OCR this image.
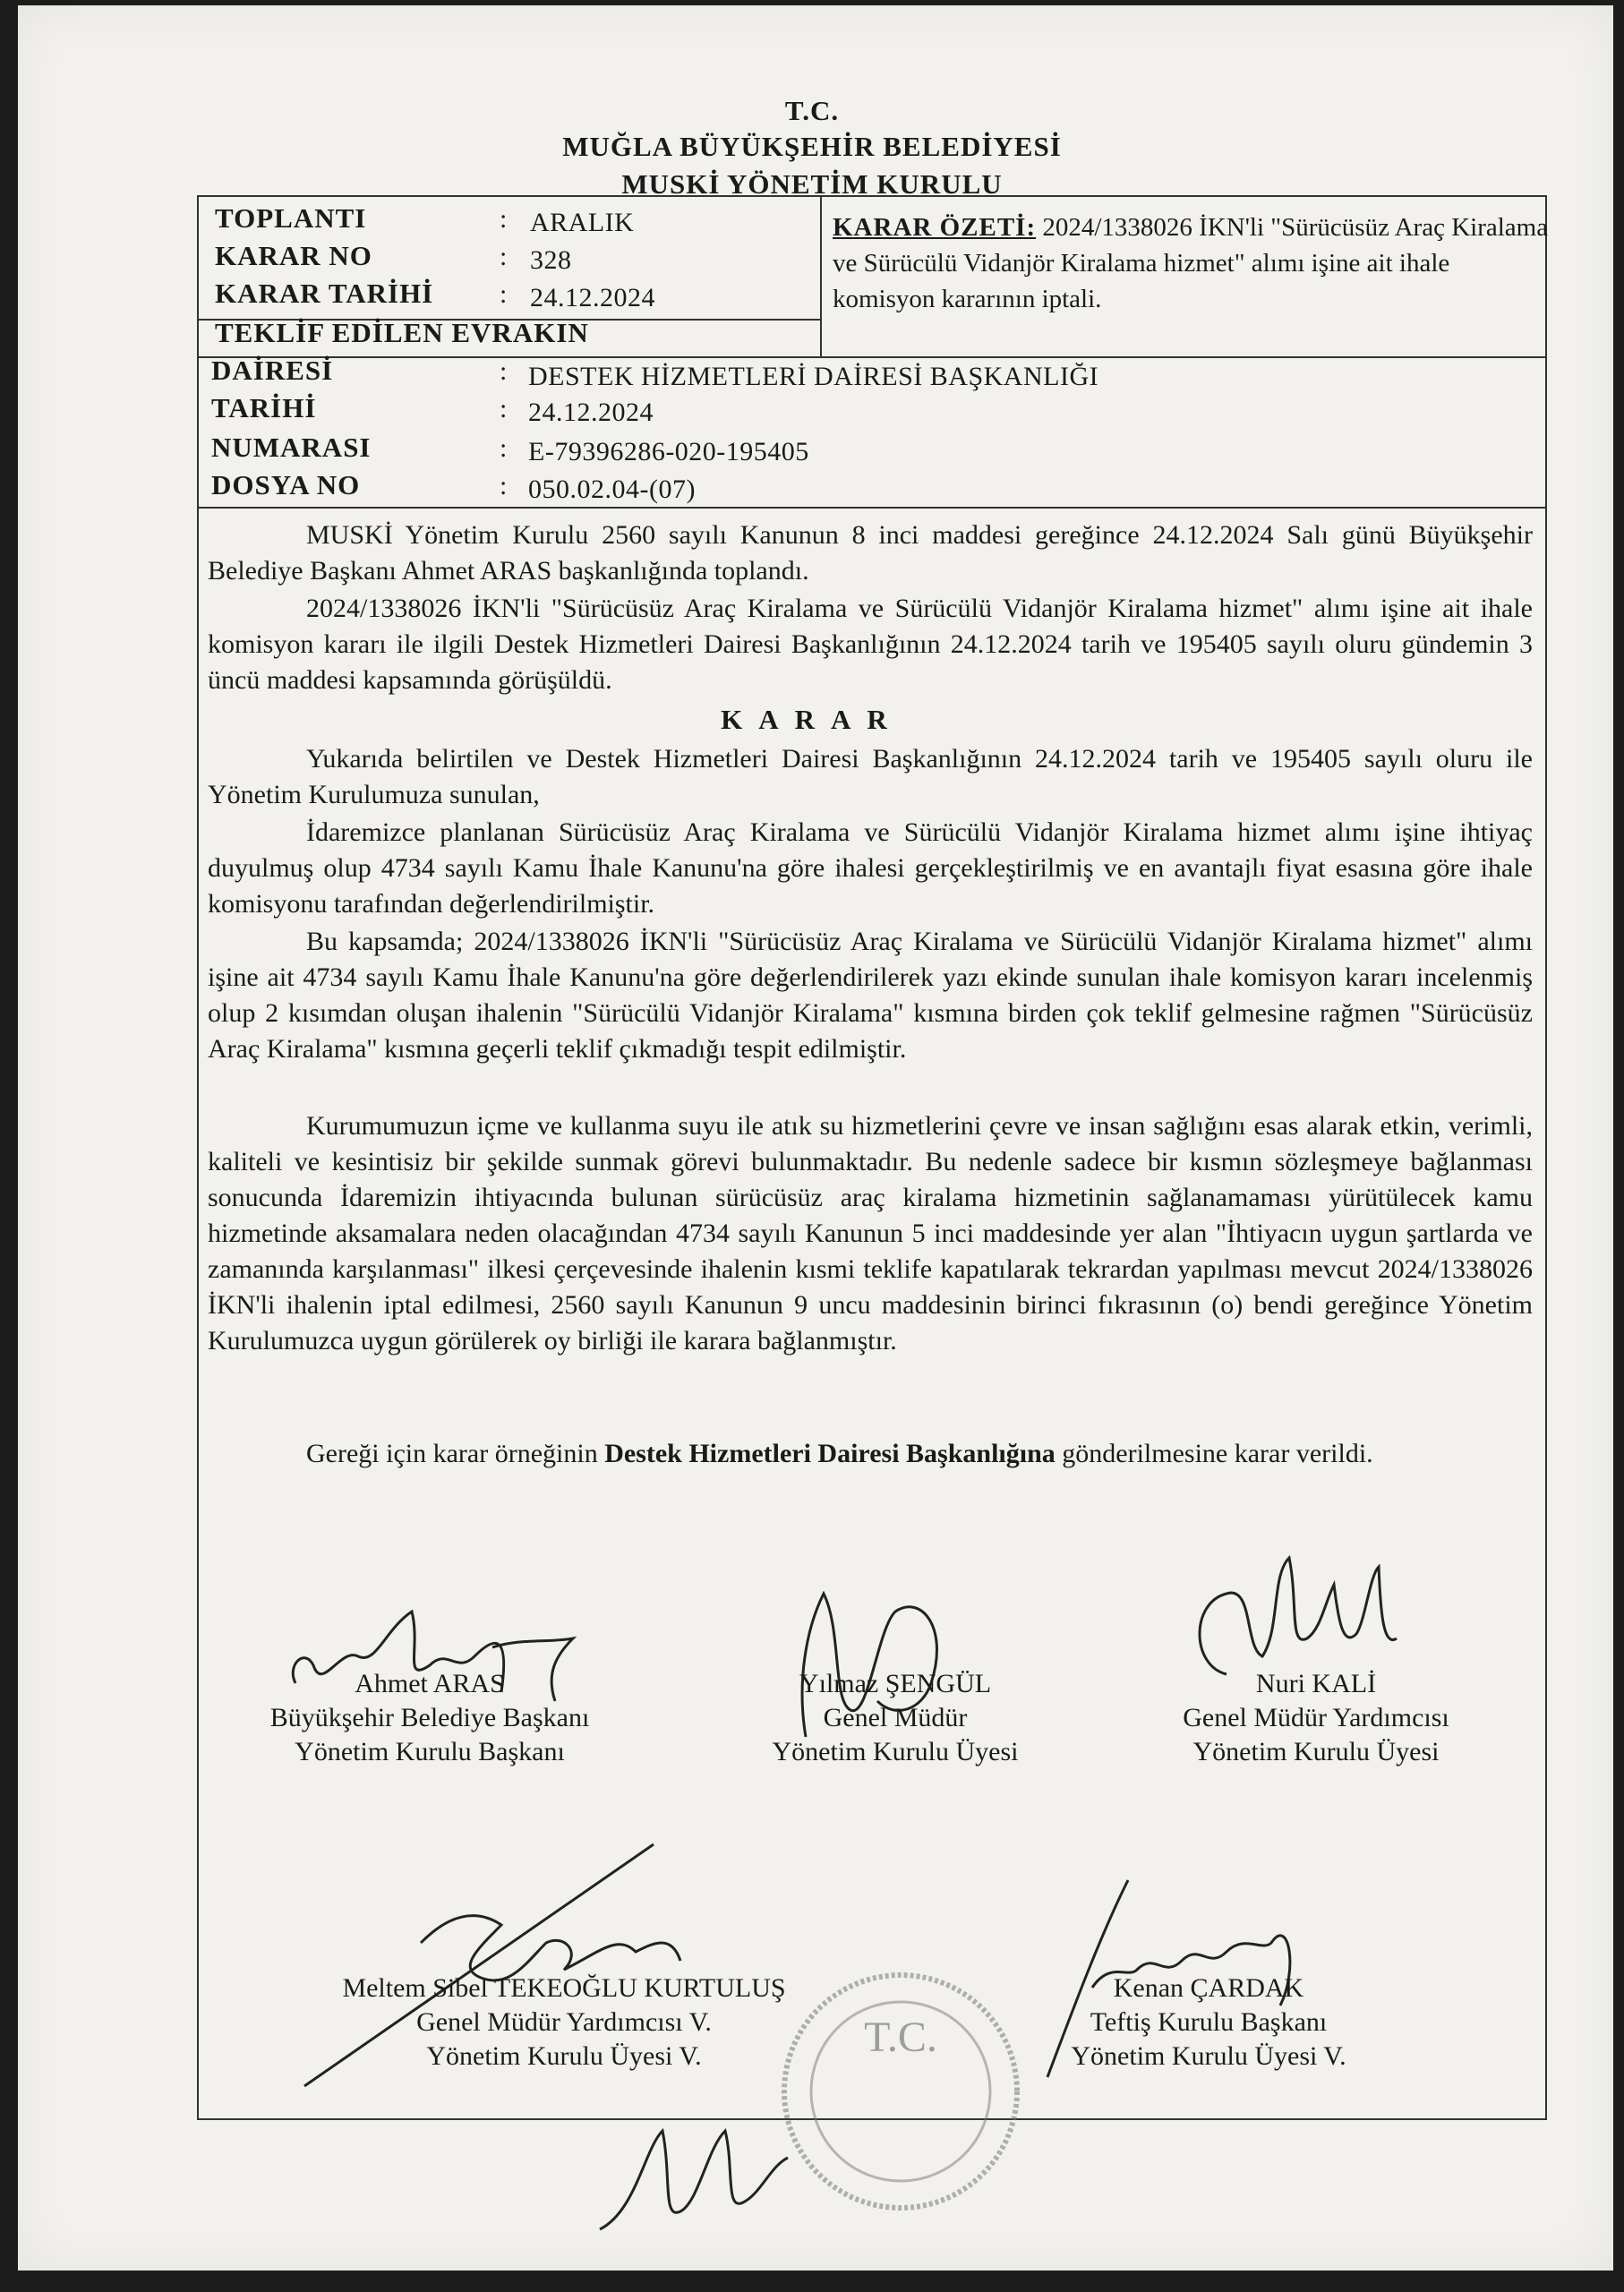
T.C.
MUĞLA BÜYÜKŞEHİR BELEDİYESİ
MUSKİ YÖNETİM KURULU
TOPLANTI	: ARALIK
KARAR NO	: 328
KARAR TARİHİ : 24.12.2024
KARAR ÖZETİ: 2024/1338026 İKN'li "Sürücüsüz Araç Kiralama ve Sürücülü Vidanjör Kiralama hizmet" alımı işine ait ihale komisyon kararının iptali.
TEKLİF EDİLEN EVRAKIN
DAİRESİ	: DESTEK HİZMETLERİ DAİRESİ BAŞKANLIĞI
TARİHİ	: 24.12.2024
NUMARASI	: E-79396286-020-195405
DOSYA NO	: 050.02.04-(07)
MUSKİ Yönetim Kurulu 2560 sayılı Kanunun 8 inci maddesi gereğince 24.12.2024 Salı günü Büyükşehir Belediye Başkanı Ahmet ARAS başkanlığında toplandı.
2024/1338026 İKN'li "Sürücüsüz Araç Kiralama ve Sürücülü Vidanjör Kiralama hizmet" alımı işine ait ihale komisyon kararı ile ilgili Destek Hizmetleri Dairesi Başkanlığının 24.12.2024 tarih ve 195405 sayılı oluru gündemin 3 üncü maddesi kapsamında görüşüldü.
KARAR
Yukarıda belirtilen ve Destek Hizmetleri Dairesi Başkanlığının 24.12.2024 tarih ve 195405 sayılı oluru ile Yönetim Kurulumuza sunulan,
İdaremizce planlanan Sürücüsüz Araç Kiralama ve Sürücülü Vidanjör Kiralama hizmet alımı işine ihtiyaç duyulmuş olup 4734 sayılı Kamu İhale Kanunu'na göre ihalesi gerçekleştirilmiş ve en avantajlı fiyat esasına göre ihale komisyonu tarafından değerlendirilmiştir.
Bu kapsamda; 2024/1338026 İKN'li "Sürücüsüz Araç Kiralama ve Sürücülü Vidanjör Kiralama hizmet" alımı işine ait 4734 sayılı Kamu İhale Kanunu'na göre değerlendirilerek yazı ekinde sunulan ihale komisyon kararı incelenmiş olup 2 kısımdan oluşan ihalenin "Sürücülü Vidanjör Kiralama" kısmına birden çok teklif gelmesine rağmen "Sürücüsüz Araç Kiralama" kısmına geçerli teklif çıkmadığı tespit edilmiştir.
Kurumumuzun içme ve kullanma suyu ile atık su hizmetlerini çevre ve insan sağlığını esas alarak etkin, verimli, kaliteli ve kesintisiz bir şekilde sunmak görevi bulunmaktadır. Bu nedenle sadece bir kısmın sözleşmeye bağlanması sonucunda İdaremizin ihtiyacında bulunan sürücüsüz araç kiralama hizmetinin sağlanamaması yürütülecek kamu hizmetinde aksamalara neden olacağından 4734 sayılı Kanunun 5 inci maddesinde yer alan "İhtiyacın uygun şartlarda ve zamanında karşılanması" ilkesi çerçevesinde ihalenin kısmi teklife kapatılarak tekrardan yapılması mevcut 2024/1338026 İKN'li ihalenin iptal edilmesi, 2560 sayılı Kanunun 9 uncu maddesinin birinci fıkrasının (o) bendi gereğince Yönetim Kurulumuzca uygun görülerek oy birliği ile karara bağlanmıştır.
Gereği için karar örneğinin Destek Hizmetleri Dairesi Başkanlığına gönderilmesine karar verildi.
T.C.
Ahmet ARAS
Büyükşehir Belediye Başkanı
Yönetim Kurulu Başkanı
Yılmaz ŞENGÜL
Genel Müdür
Yönetim Kurulu Üyesi
Nuri KALİ
Genel Müdür Yardımcısı
Yönetim Kurulu Üyesi
Meltem Sibel TEKEOĞLU KURTULUŞ
Genel Müdür Yardımcısı V.
Yönetim Kurulu Üyesi V.
Kenan ÇARDAK
Teftiş Kurulu Başkanı
Yönetim Kurulu Üyesi V.
